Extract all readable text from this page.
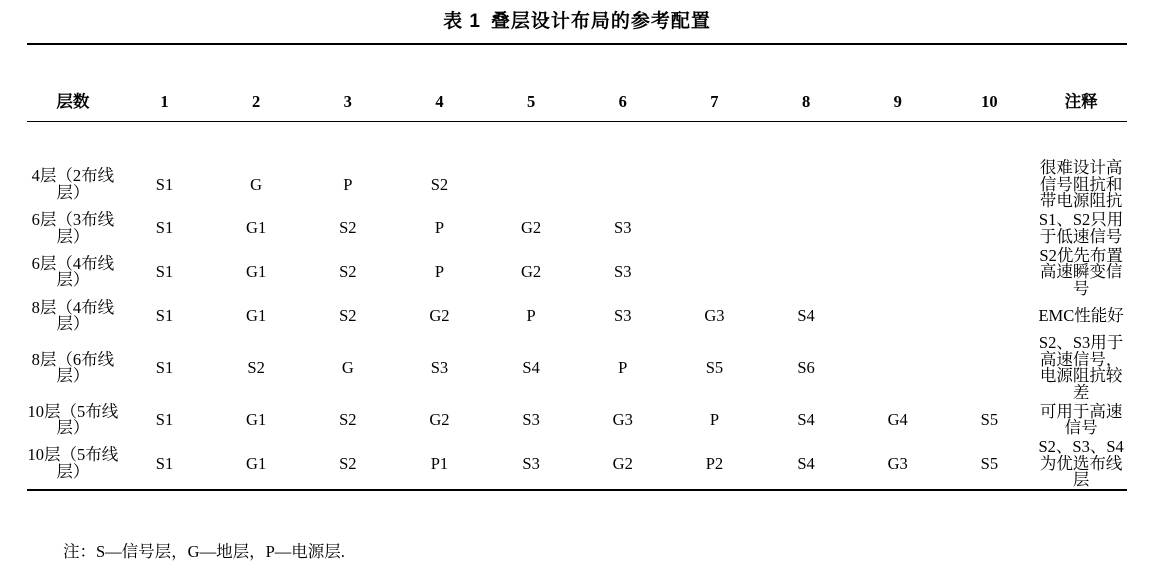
表 1 叠层设计布局的参考配置

层数	1	2	3	4	5	6	7	8	9	10	注释

4层（2布线层）	S1	G	P	S2							很难设计高信号阻抗和带电源阻抗
6层（3布线层）	S1	G1	S2	P	G2	S3					S1、S2只用于低速信号
6层（4布线层）	S1	G1	S2	P	G2	S3					S2优先布置高速瞬变信号
8层（4布线层）	S1	G1	S2	G2	P	S3	G3	S4			EMC性能好
8层（6布线层）	S1	S2	G	S3	S4	P	S5	S6			S2、S3用于高速信号，电源阻抗较差
10层（5布线层）	S1	G1	S2	G2	S3	G3	P	S4	G4	S5	可用于高速信号
10层（5布线层）	S1	G1	S2	P1	S3	G2	P2	S4	G3	S5	S2、S3、S4为优选布线层

注：S—信号层，G—地层，P—电源层.
